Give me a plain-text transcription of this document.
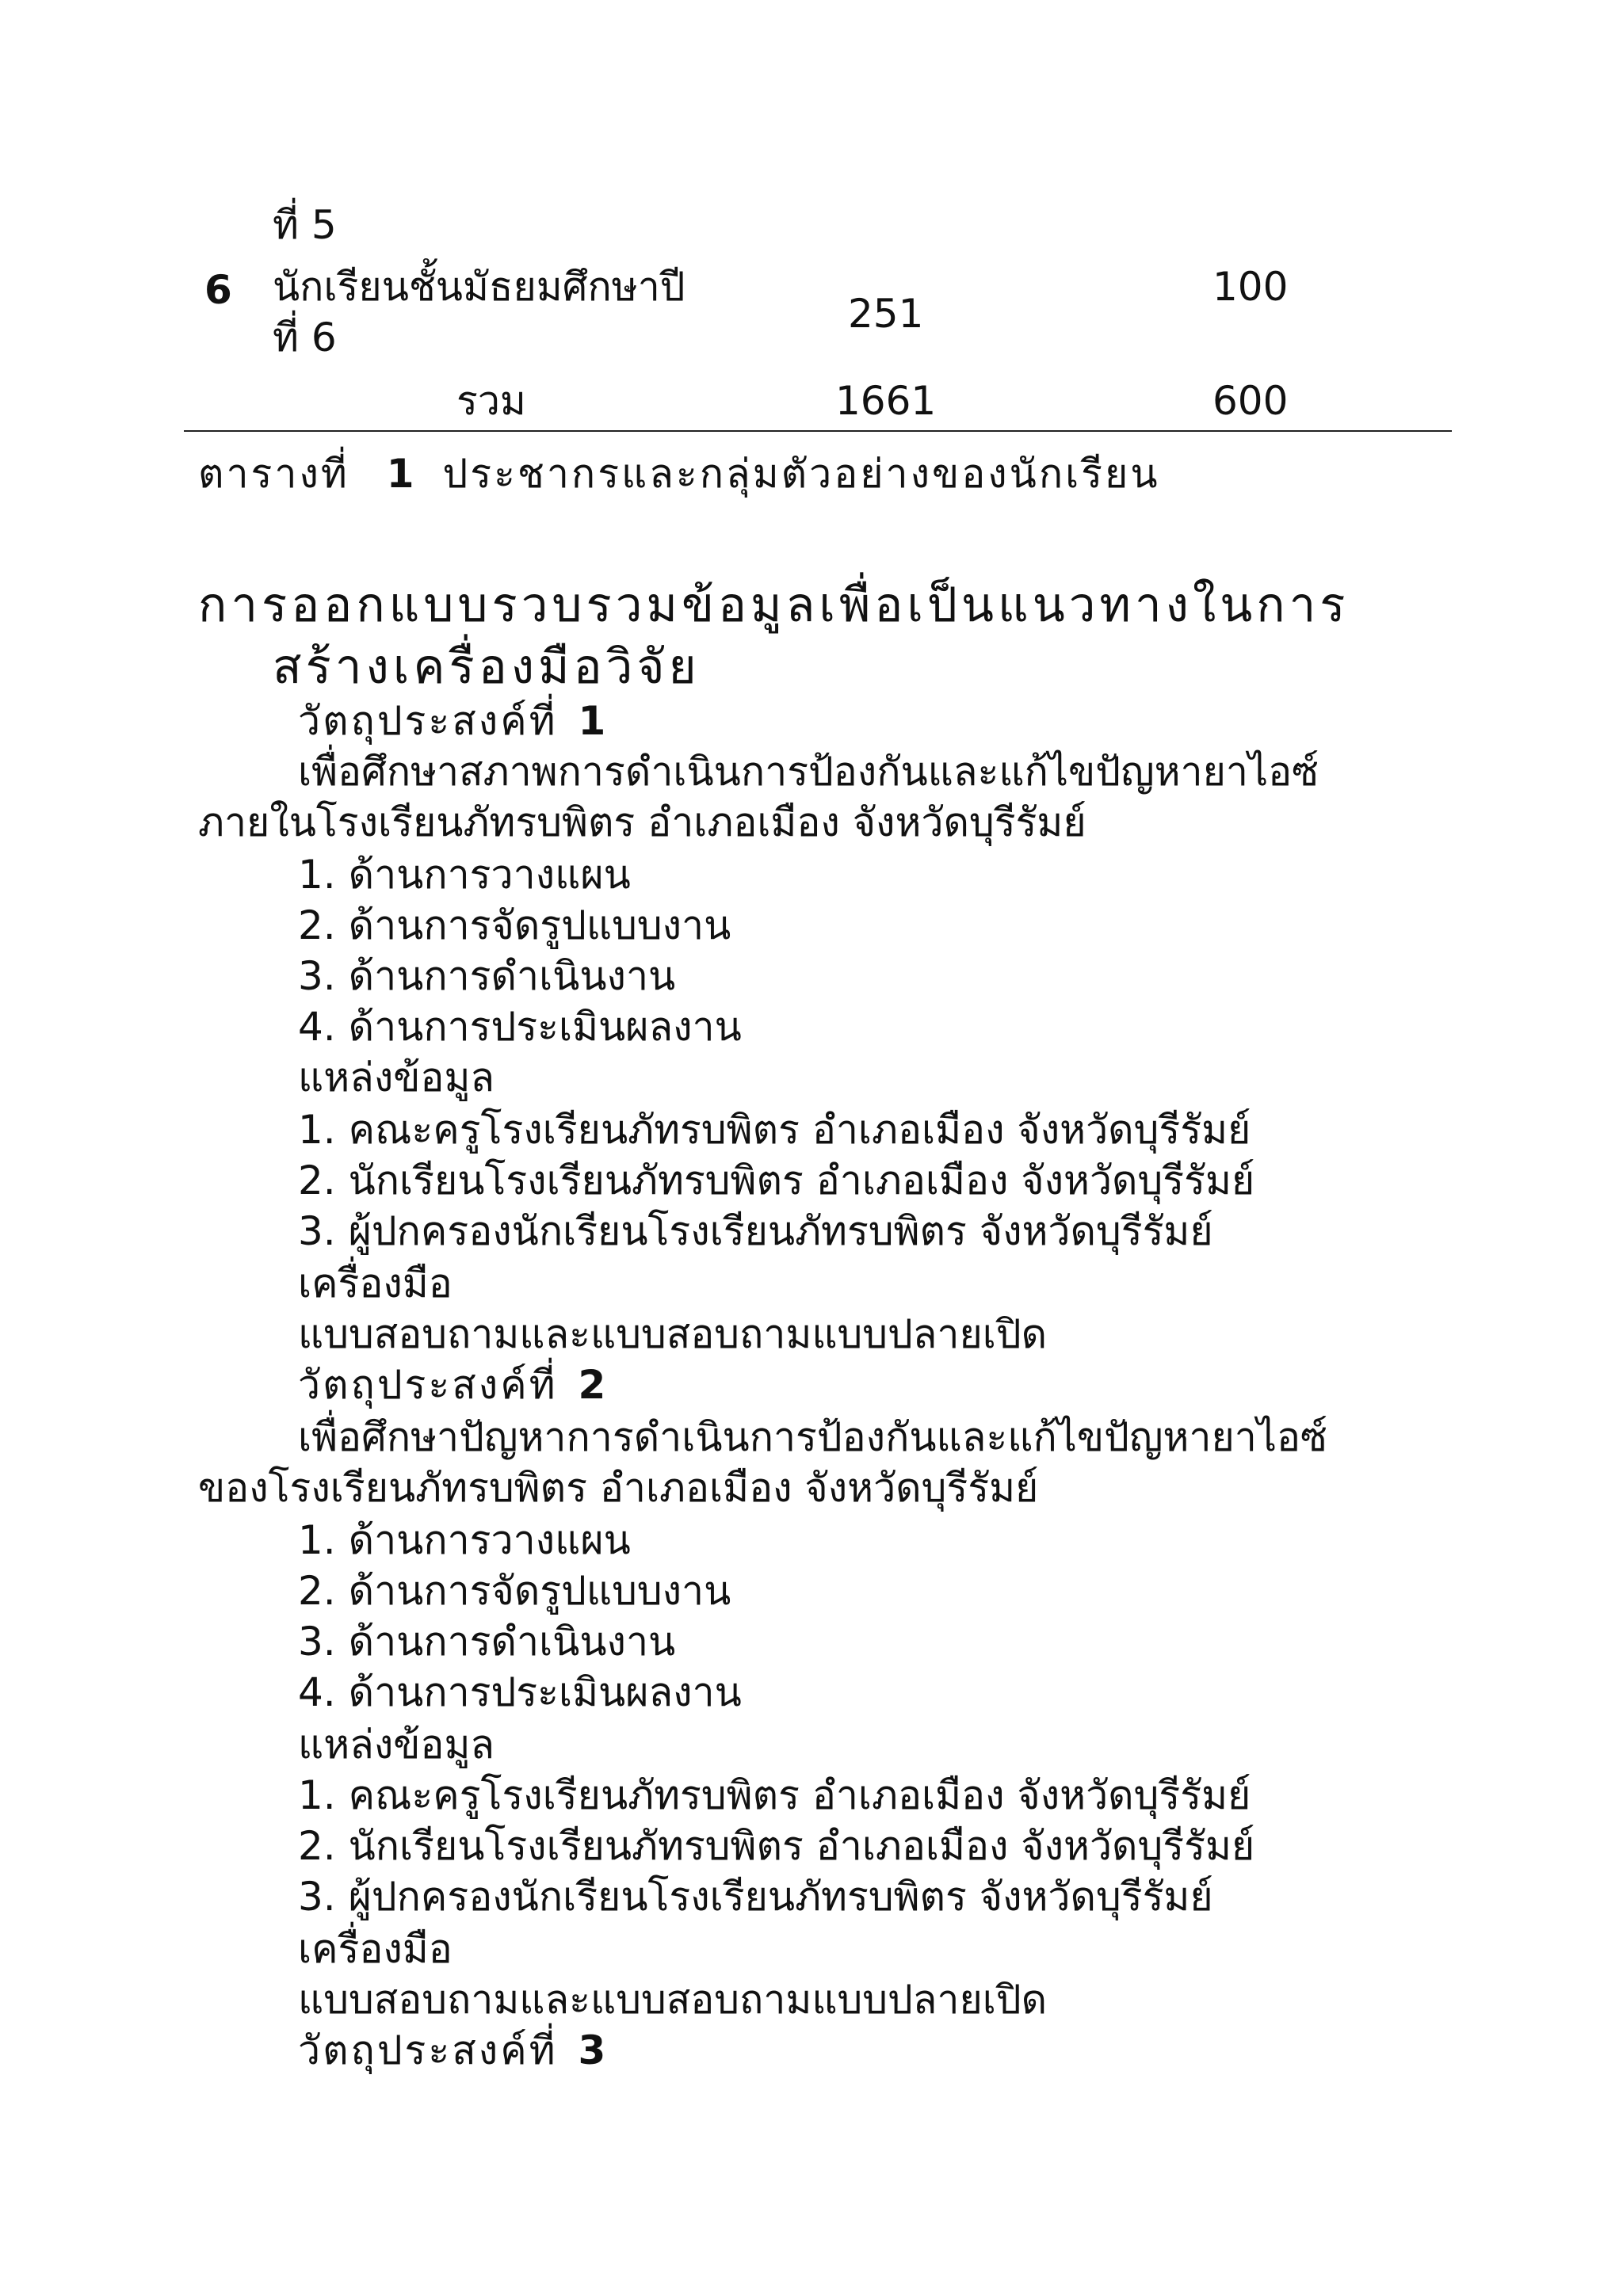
ที่ 5
6 นักเรียนชั้นมัธยมศึกษาปี
ที่ 6
251
100
รวม	1661	600
ตารางที่ 1 ประชากรและกลุ่มตัวอย่างของนักเรียน
การออกแบบรวบรวมข้อมูลเพื่อเป็นแนวทางในการ
สร้างเครื่องมือวิจัย
วัตถุประสงค์ที่ 1
เพื่อศึกษาสภาพการดำเนินการป้องกันและแก้ไขปัญหายาไอซ์
ภายในโรงเรียนภัทรบพิตร อำเภอเมือง จังหวัดบุรีรัมย์
1. ด้านการวางแผน
2. ด้านการจัดรูปแบบงาน
3. ด้านการดำเนินงาน
4. ด้านการประเมินผลงาน
แหล่งข้อมูล
1. คณะครูโรงเรียนภัทรบพิตร อำเภอเมือง จังหวัดบุรีรัมย์
2. นักเรียนโรงเรียนภัทรบพิตร อำเภอเมือง จังหวัดบุรีรัมย์
3. ผู้ปกครองนักเรียนโรงเรียนภัทรบพิตร จังหวัดบุรีรัมย์
เครื่องมือ
แบบสอบถามและแบบสอบถามแบบปลายเปิด
วัตถุประสงค์ที่ 2
เพื่อศึกษาปัญหาการดำเนินการป้องกันและแก้ไขปัญหายาไอซ์
ของโรงเรียนภัทรบพิตร อำเภอเมือง จังหวัดบุรีรัมย์
1. ด้านการวางแผน
2. ด้านการจัดรูปแบบงาน
3. ด้านการดำเนินงาน
4. ด้านการประเมินผลงาน
แหล่งข้อมูล
1. คณะครูโรงเรียนภัทรบพิตร อำเภอเมือง จังหวัดบุรีรัมย์
2. นักเรียนโรงเรียนภัทรบพิตร อำเภอเมือง จังหวัดบุรีรัมย์
3. ผู้ปกครองนักเรียนโรงเรียนภัทรบพิตร จังหวัดบุรีรัมย์
เครื่องมือ
แบบสอบถามและแบบสอบถามแบบปลายเปิด
วัตถุประสงค์ที่ 3
